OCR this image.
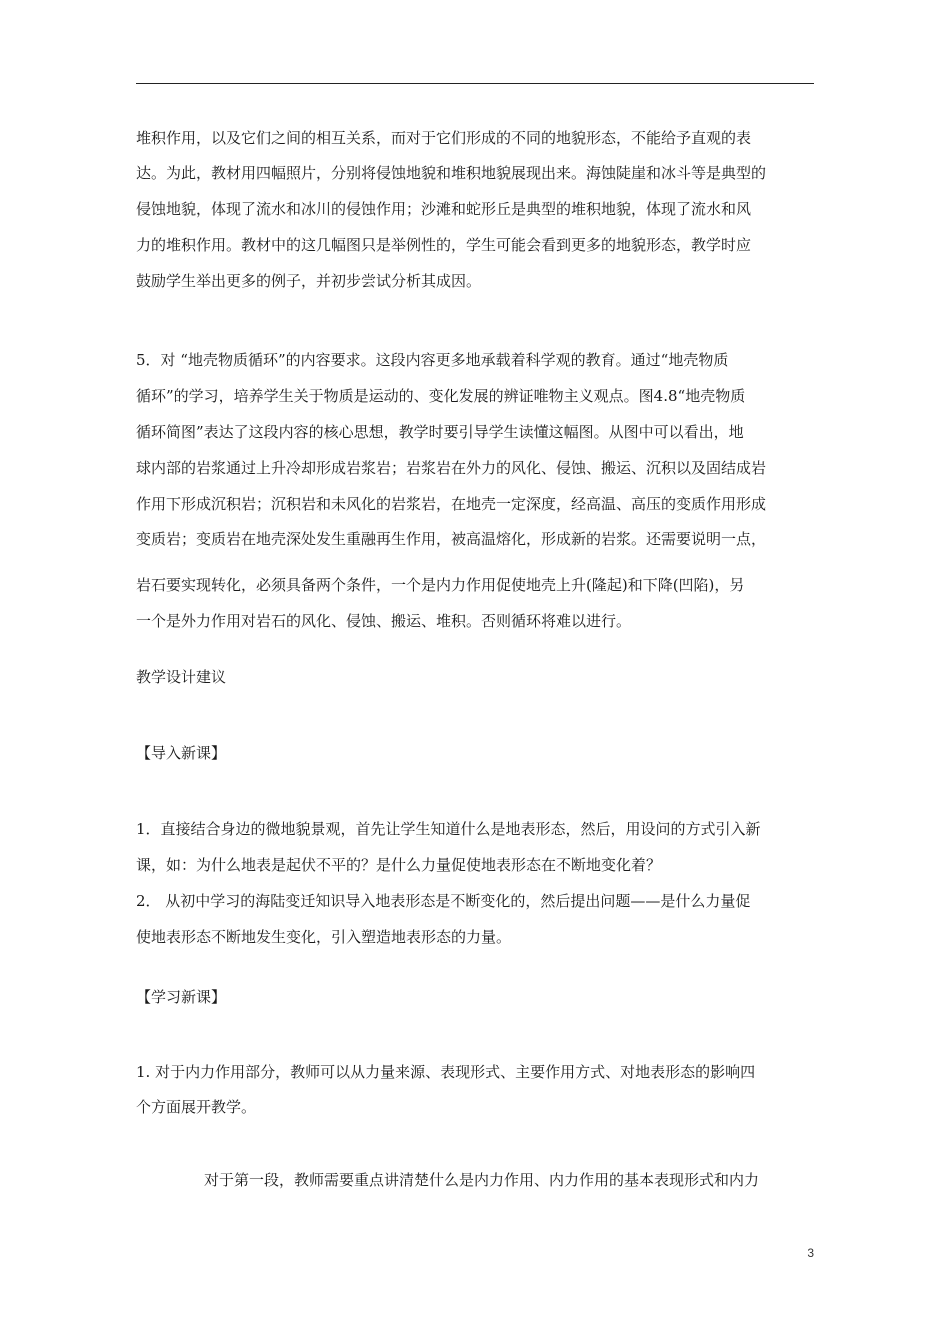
堆积作用，以及它们之间的相互关系，而对于它们形成的不同的地貌形态，不能给予直观的表
达。为此，教材用四幅照片，分别将侵蚀地貌和堆积地貌展现出来。海蚀陡崖和冰斗等是典型的
侵蚀地貌，体现了流水和冰川的侵蚀作用；沙滩和蛇形丘是典型的堆积地貌，体现了流水和风
力的堆积作用。教材中的这几幅图只是举例性的，学生可能会看到更多的地貌形态，教学时应
鼓励学生举出更多的例子，并初步尝试分析其成因。
5．对 “地壳物质循环”的内容要求。这段内容更多地承载着科学观的教育。通过“地壳物质
循环”的学习，培养学生关于物质是运动的、变化发展的辨证唯物主义观点。图4.8“地壳物质
循环简图”表达了这段内容的核心思想，教学时要引导学生读懂这幅图。从图中可以看出，地
球内部的岩浆通过上升冷却形成岩浆岩；岩浆岩在外力的风化、侵蚀、搬运、沉积以及固结成岩
作用下形成沉积岩；沉积岩和未风化的岩浆岩，在地壳一定深度，经高温、高压的变质作用形成
变质岩；变质岩在地壳深处发生重融再生作用，被高温熔化，形成新的岩浆。还需要说明一点，
岩石要实现转化，必须具备两个条件，一个是内力作用促使地壳上升(隆起)和下降(凹陷)，另
一个是外力作用对岩石的风化、侵蚀、搬运、堆积。否则循环将难以进行。
教学设计建议
【导入新课】
1．直接结合身边的微地貌景观，首先让学生知道什么是地表形态，然后，用设问的方式引入新
课，如：为什么地表是起伏不平的？是什么力量促使地表形态在不断地变化着？
2． 从初中学习的海陆变迁知识导入地表形态是不断变化的，然后提出问题——是什么力量促
使地表形态不断地发生变化，引入塑造地表形态的力量。
【学习新课】
1. 对于内力作用部分，教师可以从力量来源、表现形式、主要作用方式、对地表形态的影响四
个方面展开教学。
对于第一段，教师需要重点讲清楚什么是内力作用、内力作用的基本表现形式和内力
3
